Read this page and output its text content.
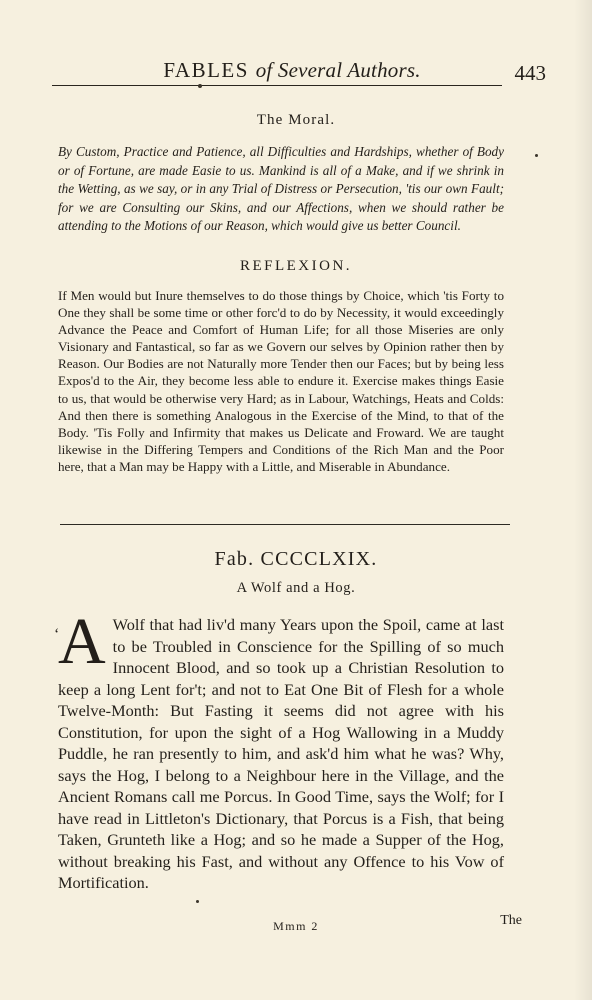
FABLES of Several Authors.	443
The Moral.
By Custom, Practice and Patience, all Difficulties and Hardships, whether of Body or of Fortune, are made Easie to us. Mankind is all of a Make, and if we shrink in the Wetting, as we say, or in any Trial of Distress or Persecution, 'tis our own Fault; for we are Consulting our Skins, and our Affections, when we should rather be attending to the Motions of our Reason, which would give us better Council.
REFLEXION.
If Men would but Inure themselves to do those things by Choice, which 'tis Forty to One they shall be some time or other forc'd to do by Necessity, it would exceedingly Advance the Peace and Comfort of Human Life; for all those Miseries are only Visionary and Fantastical, so far as we Govern our selves by Opinion rather then by Reason. Our Bodies are not Naturally more Tender then our Faces; but by being less Expos'd to the Air, they become less able to endure it. Exercise makes things Easie to us, that would be otherwise very Hard; as in Labour, Watchings, Heats and Colds: And then there is something Analogous in the Exercise of the Mind, to that of the Body. 'Tis Folly and Infirmity that makes us Delicate and Froward. We are taught likewise in the Differing Tempers and Conditions of the Rich Man and the Poor here, that a Man may be Happy with a Little, and Miserable in Abundance.
Fab. CCCCLXIX.
A Wolf and a Hog.
‘
A Wolf that had liv'd many Years upon the Spoil, came at last to be Troubled in Conscience for the Spilling of so much Innocent Blood, and so took up a Christian Resolution to keep a long Lent for't; and not to Eat One Bit of Flesh for a whole Twelve-Month: But Fasting it seems did not agree with his Constitution, for upon the sight of a Hog Wallowing in a Muddy Puddle, he ran presently to him, and ask'd him what he was? Why, says the Hog, I belong to a Neighbour here in the Village, and the Ancient Romans call me Porcus. In Good Time, says the Wolf; for I have read in Littleton's Dictionary, that Porcus is a Fish, that being Taken, Grunteth like a Hog; and so he made a Supper of the Hog, without breaking his Fast, and without any Offence to his Vow of Mortification.
Mmm 2	The
